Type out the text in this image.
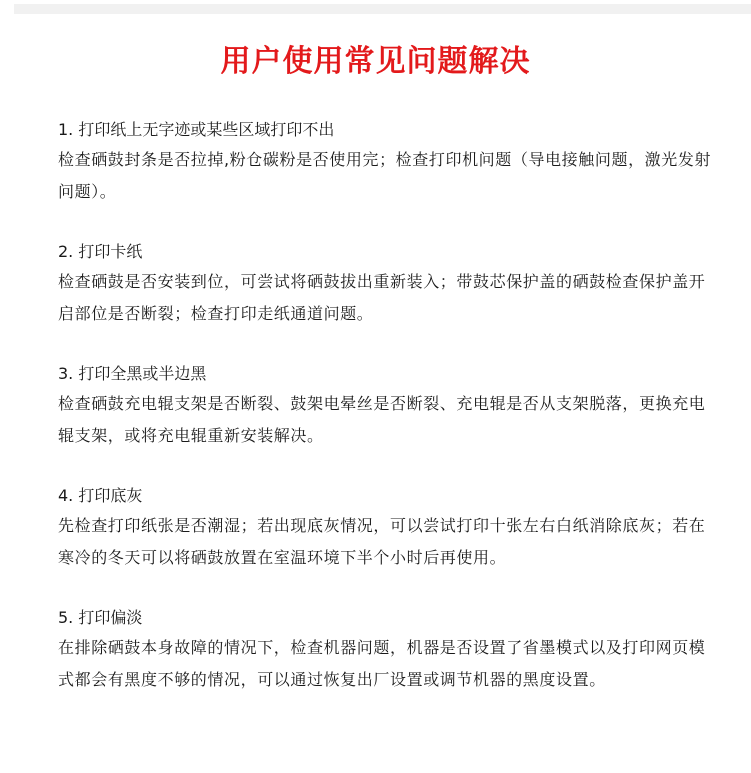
用户使用常见问题解决

1. 打印纸上无字迹或某些区域打印不出

检查硒鼓封条是否拉掉,粉仓碳粉是否使用完；检查打印机问题（导电接触问题，激光发射问题）。

2. 打印卡纸

检查硒鼓是否安装到位，可尝试将硒鼓拔出重新装入；带鼓芯保护盖的硒鼓检查保护盖开启部位是否断裂；检查打印走纸通道问题。

3. 打印全黑或半边黑

检查硒鼓充电辊支架是否断裂、鼓架电晕丝是否断裂、充电辊是否从支架脱落，更换充电辊支架，或将充电辊重新安装解决。

4. 打印底灰

先检查打印纸张是否潮湿；若出现底灰情况，可以尝试打印十张左右白纸消除底灰；若在寒冷的冬天可以将硒鼓放置在室温环境下半个小时后再使用。

5. 打印偏淡

在排除硒鼓本身故障的情况下，检查机器问题，机器是否设置了省墨模式以及打印网页模式都会有黑度不够的情况，可以通过恢复出厂设置或调节机器的黑度设置。
